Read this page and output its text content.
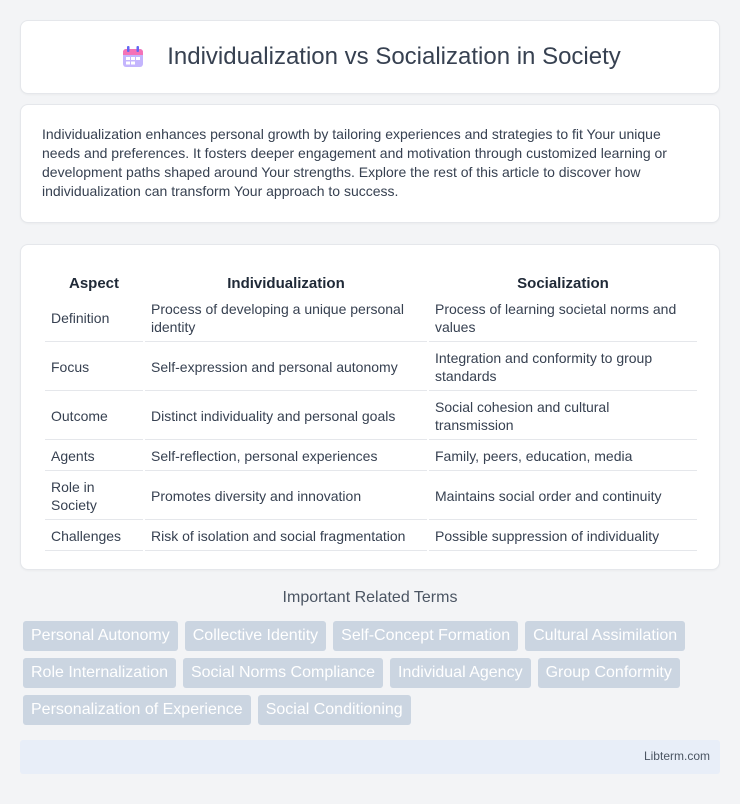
Individualization vs Socialization in Society

Individualization enhances personal growth by tailoring experiences and strategies to fit Your unique needs and preferences. It fosters deeper engagement and motivation through customized learning or development paths shaped around Your strengths. Explore the rest of this article to discover how individualization can transform Your approach to success.

Aspect	Individualization	Socialization
Definition	Process of developing a unique personal identity	Process of learning societal norms and values
Focus	Self-expression and personal autonomy	Integration and conformity to group standards
Outcome	Distinct individuality and personal goals	Social cohesion and cultural transmission
Agents	Self-reflection, personal experiences	Family, peers, education, media
Role in Society	Promotes diversity and innovation	Maintains social order and continuity
Challenges	Risk of isolation and social fragmentation	Possible suppression of individuality
Important Related Terms
Personal Autonomy	Collective Identity	Self-Concept Formation	Cultural Assimilation
Role Internalization	Social Norms Compliance	Individual Agency	Group Conformity
Personalization of Experience	Social Conditioning
Libterm.com
